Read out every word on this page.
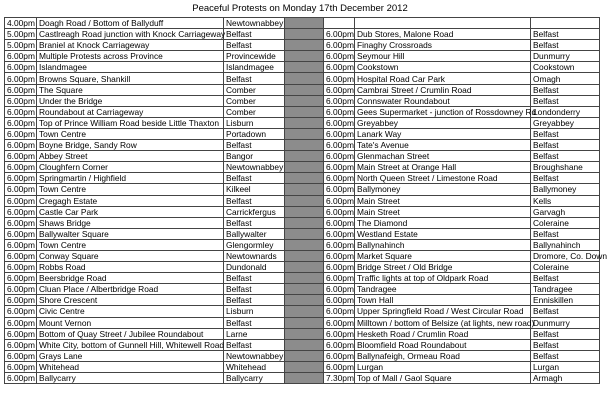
Peaceful Protests on Monday 17th December 2012
4.00pm	Doagh Road / Bottom of Ballyduff	Newtownabbey				
5.00pm	Castlreagh Road junction with Knock Carriageway	Belfast		6.00pm	Dub Stores, Malone Road	Belfast
5.00pm	Braniel at Knock Carriageway	Belfast		6.00pm	Finaghy Crossroads	Belfast
6.00pm	Multiple Protests across Province	Provincewide		6.00pm	Seymour Hill	Dunmurry
6.00pm	Islandmagee	Islandmagee		6.00pm	Cookstown	Cookstown
6.00pm	Browns Square, Shankill	Belfast		6.00pm	Hospital Road Car Park	Omagh
6.00pm	The Square	Comber		6.00pm	Cambrai Street / Crumlin Road	Belfast
6.00pm	Under the Bridge	Comber		6.00pm	Connswater Roundabout	Belfast
6.00pm	Roundabout at Carriageway	Comber		6.00pm	Gees Supermarket - junction of Rossdowney Rd	Londonderry
6.00pm	Top of Prince William Road beside Little Thaxton	Lisburn		6.00pm	Greyabbey	Greyabbey
6.00pm	Town Centre	Portadown		6.00pm	Lanark Way	Belfast
6.00pm	Boyne Bridge, Sandy Row	Belfast		6.00pm	Tate's Avenue	Belfast
6.00pm	Abbey Street	Bangor		6.00pm	Glenmachan Street	Belfast
6.00pm	Cloughfern Corner	Newtownabbey		6.00pm	Main Street at Orange Hall	Broughshane
6.00pm	Springmartin / Highfield	Belfast		6.00pm	North Queen Street / Limestone Road	Belfast
6.00pm	Town Centre	Kilkeel		6.00pm	Ballymoney	Ballymoney
6.00pm	Cregagh Estate	Belfast		6.00pm	Main Street	Kells
6.00pm	Castle Car Park	Carrickfergus		6.00pm	Main Street	Garvagh
6.00pm	Shaws Bridge	Belfast		6.00pm	The Diamond	Coleraine
6.00pm	Ballywalter Square	Ballywalter		6.00pm	Westland Estate	Belfast
6.00pm	Town Centre	Glengormley		6.00pm	Ballynahinch	Ballynahinch
6.00pm	Conway Square	Newtownards		6.00pm	Market Square	Dromore, Co. Down
6.00pm	Robbs Road	Dundonald		6.00pm	Bridge Street / Old Bridge	Coleraine
6.00pm	Beersbridge Road	Belfast		6.00pm	Traffic lights at top of Oldpark Road	Belfast
6.00pm	Cluan Place / Albertbridge Road	Belfast		6.00pm	Tandragee	Tandragee
6.00pm	Shore Crescent	Belfast		6.00pm	Town Hall	Enniskillen
6.00pm	Civic Centre	Lisburn		6.00pm	Upper Springfield Road / West Circular Road	Belfast
6.00pm	Mount Vernon	Belfast		6.00pm	Milltown / bottom of Belsize (at lights, new road)	Dunmurry
6.00pm	Bottom of Quay Street / Jubilee Roundabout	Larne		6.00pm	Hesketh Road / Crumlin Road	Belfast
6.00pm	White City, bottom of Gunnell Hill, Whitewell Road	Belfast		6.00pm	Bloomfield Road Roundabout	Belfast
6.00pm	Grays Lane	Newtownabbey		6.00pm	Ballynafeigh, Ormeau Road	Belfast
6.00pm	Whitehead	Whitehead		6.00pm	Lurgan	Lurgan
6.00pm	Ballycarry	Ballycarry		7.30pm	Top of Mall / Gaol Square	Armagh
